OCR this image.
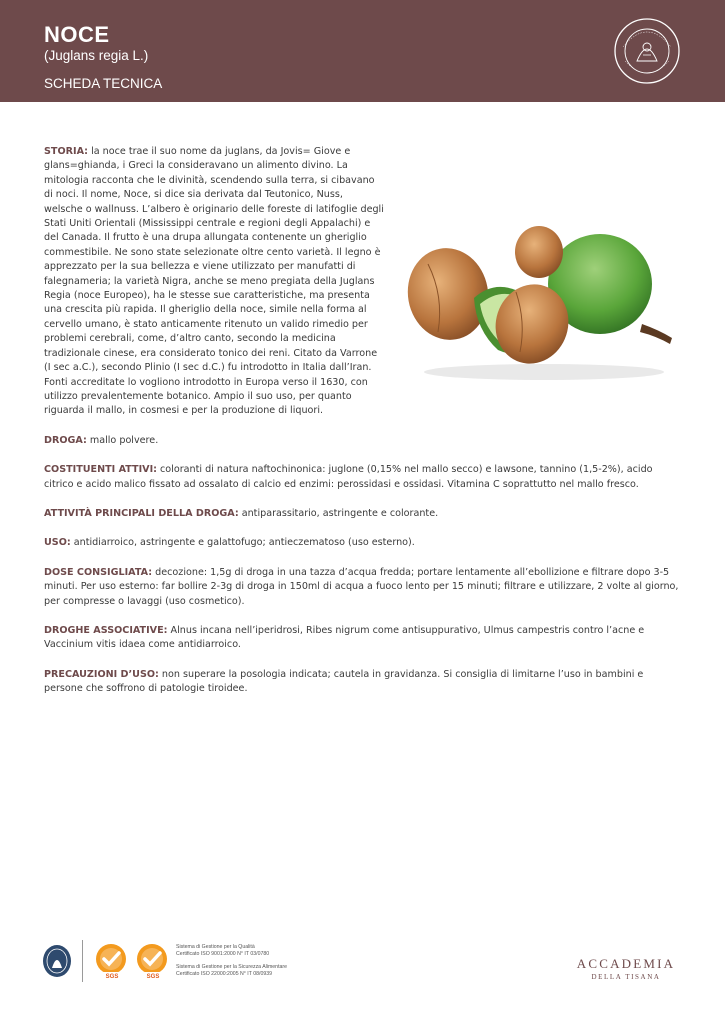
NOCE
(Juglans regia L.)
SCHEDA TECNICA

STORIA: la noce trae il suo nome da juglans, da Jovis= Giove e glans=ghianda, i Greci la consideravano un alimento divino. La mitologia racconta che le divinità, scendendo sulla terra, si cibavano di noci. Il nome, Noce, si dice sia derivata dal Teutonico, Nuss, welsche o wallnuss. L’albero è originario delle foreste di latifoglie degli Stati Uniti Orientali (Mississippi centrale e regioni degli Appalachi) e del Canada. Il frutto è una drupa allungata contenente un gheriglio commestibile. Ne sono state selezionate oltre cento varietà. Il legno è apprezzato per la sua bellezza e viene utilizzato per manufatti di falegnameria; la varietà Nigra, anche se meno pregiata della Juglans Regia (noce Europeo), ha le stesse sue caratteristiche, ma presenta una crescita più rapida. Il gheriglio della noce, simile nella forma al cervello umano, è stato anticamente ritenuto un valido rimedio per problemi cerebrali, come, d’altro canto, secondo la medicina tradizionale cinese, era considerato tonico dei reni. Citato da Varrone (I sec a.C.), secondo Plinio (I sec d.C.) fu introdotto in Italia dall’Iran. Fonti accreditate lo vogliono introdotto in Europa verso il 1630, con utilizzo prevalentemente botanico. Ampio il suo uso, per quanto riguarda il mallo, in cosmesi e per la produzione di liquori.

DROGA: mallo polvere.

COSTITUENTI ATTIVI: coloranti di natura naftochinonica: juglone (0,15% nel mallo secco) e lawsone, tannino (1,5-2%), acido citrico e acido malico fissato ad ossalato di calcio ed enzimi: perossidasi e ossidasi. Vitamina C soprattutto nel mallo fresco.

ATTIVITÀ PRINCIPALI DELLA DROGA: antiparassitario, astringente e colorante.

USO: antidiarroico, astringente e galattofugo; antieczematoso (uso esterno).

DOSE CONSIGLIATA: decozione: 1,5g di droga in una tazza d’acqua fredda; portare lentamente all’ebollizione e filtrare dopo 3-5 minuti. Per uso esterno: far bollire 2-3g di droga in 150ml di acqua a fuoco lento per 15 minuti; filtrare e utilizzare, 2 volte al giorno, per compresse o lavaggi (uso cosmetico).

DROGHE ASSOCIATIVE: Alnus incana nell’iperidrosi, Ribes nigrum come antisuppurativo, Ulmus campestris contro l’acne e Vaccinium vitis idaea come antidiarroico.

PRECAUZIONI D’USO: non superare la posologia indicata; cautela in gravidanza. Si consiglia di limitarne l’uso in bambini e persone che soffrono di patologie tiroidee.

SGS	SGS
Sistema di Gestione per la Qualità
Certificato ISO 9001:2000 N° IT 03/0780
Sistema di Gestione per la Sicurezza Alimentare
Certificato ISO 22000:2005 N° IT 08/0939
ACCADEMIA
DELLA TISANA
